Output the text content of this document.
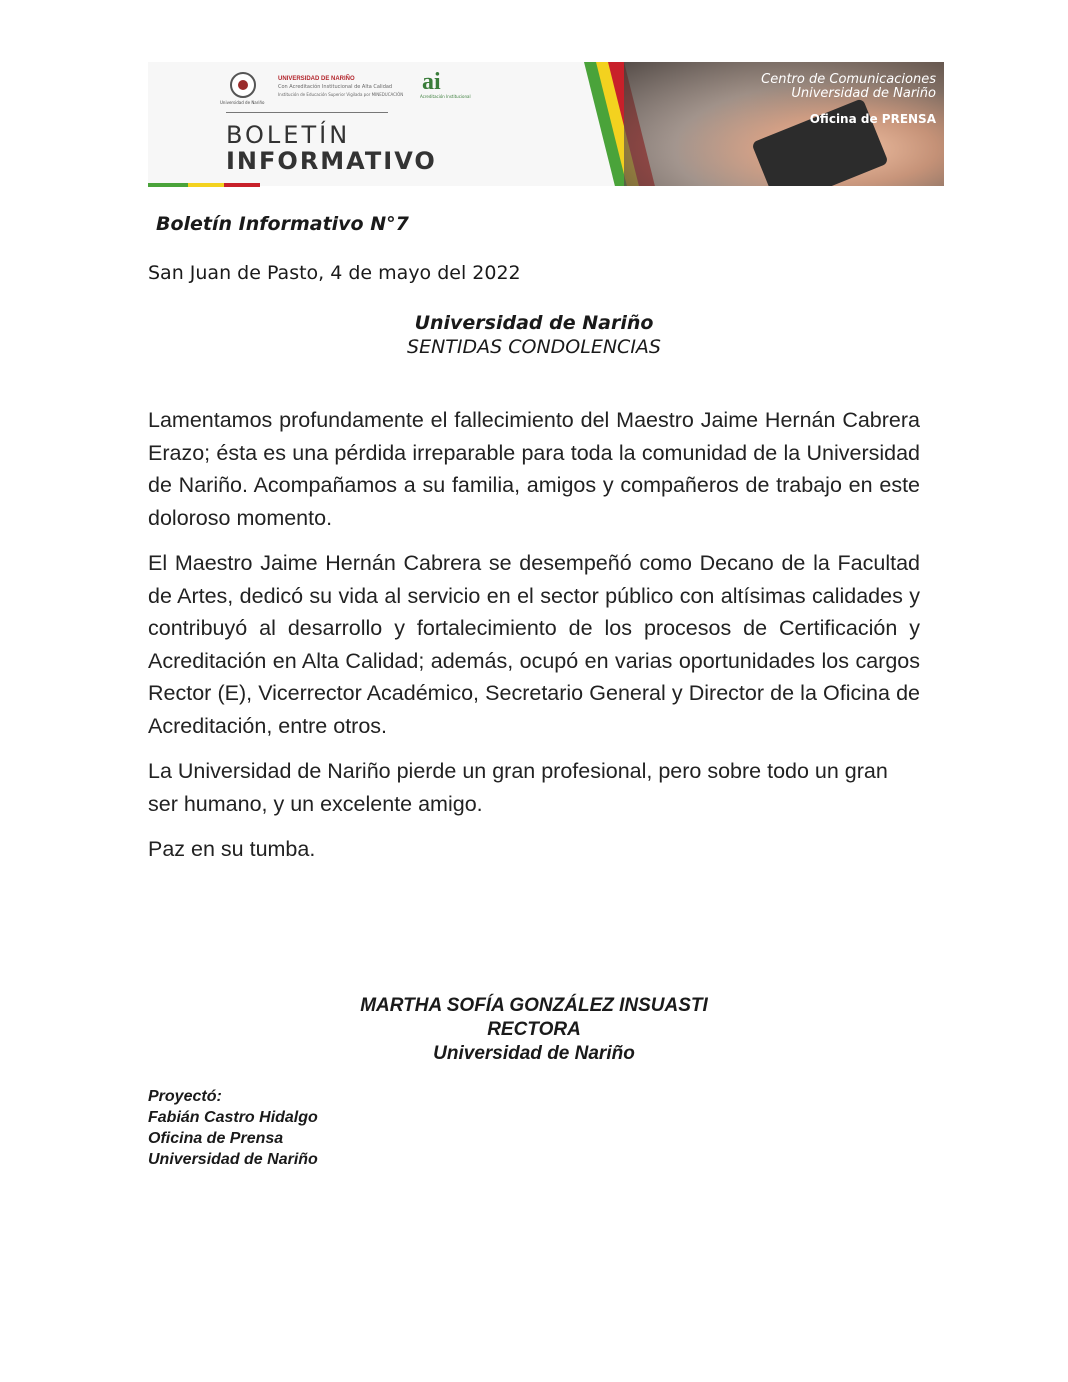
Universidad de Nariño
UNIVERSIDAD DE NARIÑO
Con Acreditación Institucional de Alta Calidad
Institución de Educación Superior Vigilada por MINEDUCACIÓN ai
Acreditación Institucional
BOLETÍN
INFORMATIVO
Centro de Comunicaciones
Universidad de Nariño
Oficina de PRENSA
Boletín Informativo N°7
San Juan de Pasto, 4 de mayo del 2022
Universidad de Nariño
SENTIDAS CONDOLENCIAS

Lamentamos profundamente el fallecimiento del Maestro Jaime Hernán Cabrera Erazo; ésta es una pérdida irreparable para toda la comunidad de la Universidad de Nariño. Acompañamos a su familia, amigos y compañeros de trabajo en este doloroso momento.

El Maestro Jaime Hernán Cabrera se desempeñó como Decano de la Facultad de Artes, dedicó su vida al servicio en el sector público con altísimas calidades y contribuyó al desarrollo y fortalecimiento de los procesos de Certificación y Acreditación en Alta Calidad; además, ocupó en varias oportunidades los cargos Rector (E), Vicerrector Académico, Secretario General y Director de la Oficina de Acreditación, entre otros.

La Universidad de Nariño pierde un gran profesional, pero sobre todo un gran ser humano, y un excelente amigo.

Paz en su tumba.

MARTHA SOFÍA GONZÁLEZ INSUASTI
RECTORA
Universidad de Nariño
Proyectó:
Fabián Castro Hidalgo
Oficina de Prensa
Universidad de Nariño
